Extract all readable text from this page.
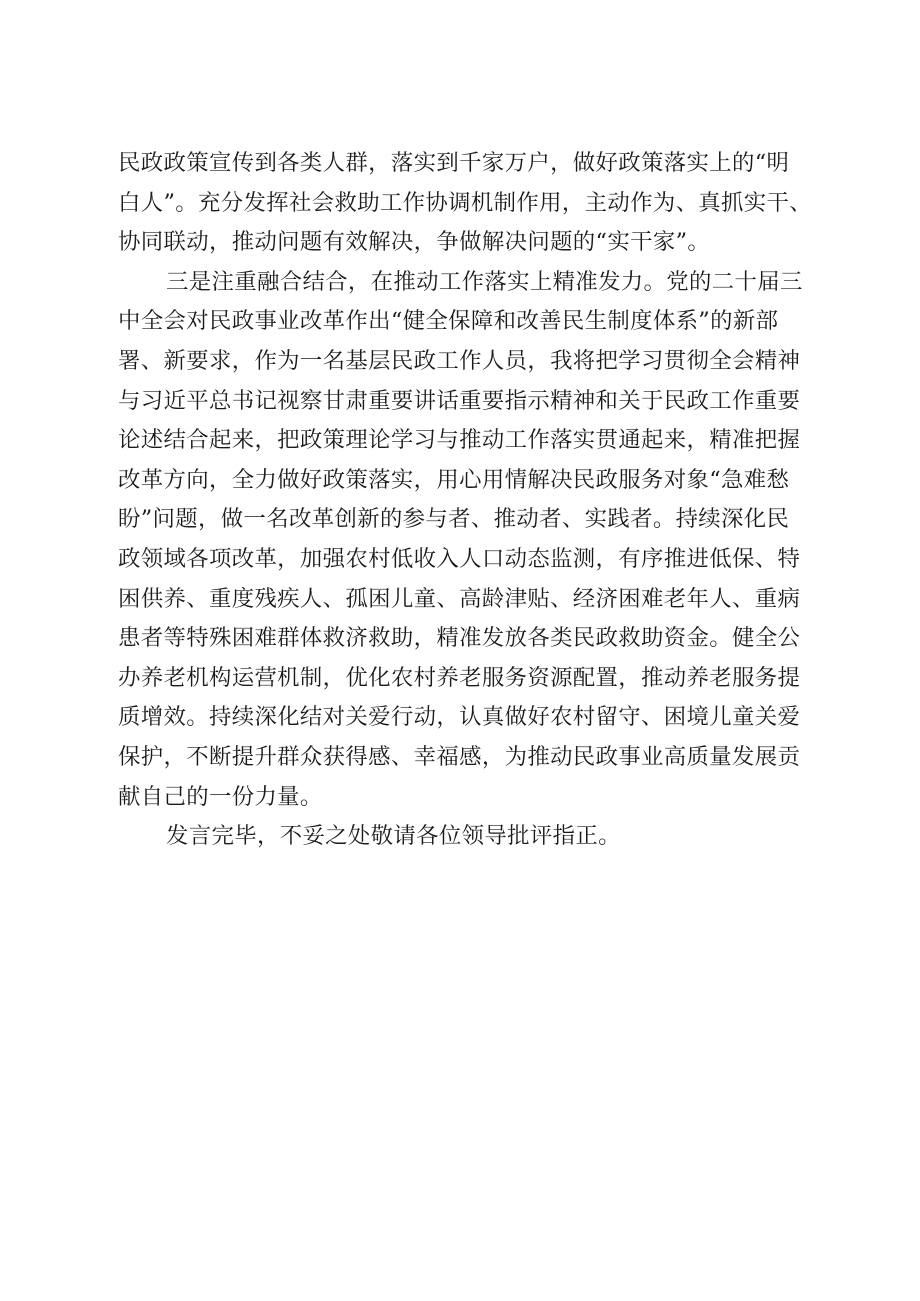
民政政策宣传到各类人群，落实到千家万户，做好政策落实上的“明
白人”。充分发挥社会救助工作协调机制作用，主动作为、真抓实干、
协同联动，推动问题有效解决，争做解决问题的“实干家”。
三是注重融合结合，在推动工作落实上精准发力。党的二十届三
中全会对民政事业改革作出“健全保障和改善民生制度体系”的新部
署、新要求，作为一名基层民政工作人员，我将把学习贯彻全会精神
与习近平总书记视察甘肃重要讲话重要指示精神和关于民政工作重要
论述结合起来，把政策理论学习与推动工作落实贯通起来，精准把握
改革方向，全力做好政策落实，用心用情解决民政服务对象“急难愁
盼”问题，做一名改革创新的参与者、推动者、实践者。持续深化民
政领域各项改革，加强农村低收入人口动态监测，有序推进低保、特
困供养、重度残疾人、孤困儿童、高龄津贴、经济困难老年人、重病
患者等特殊困难群体救济救助，精准发放各类民政救助资金。健全公
办养老机构运营机制，优化农村养老服务资源配置，推动养老服务提
质增效。持续深化结对关爱行动，认真做好农村留守、困境儿童关爱
保护，不断提升群众获得感、幸福感，为推动民政事业高质量发展贡
献自己的一份力量。
发言完毕，不妥之处敬请各位领导批评指正。
